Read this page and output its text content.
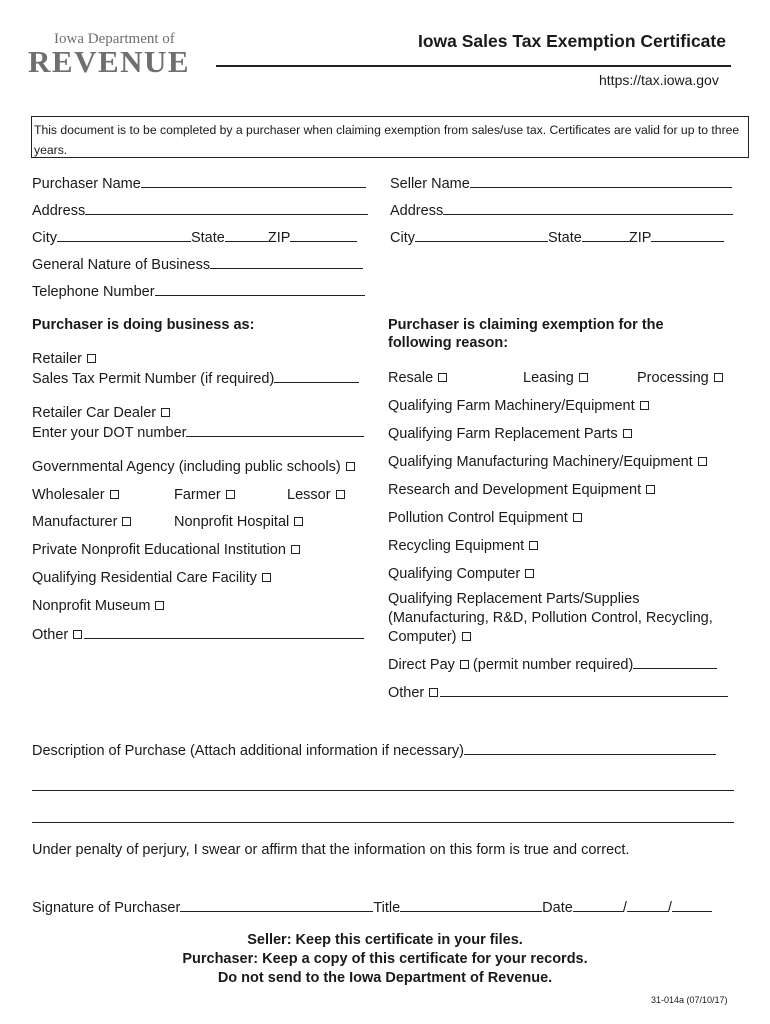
Iowa Department of
REVENUE
Iowa Sales Tax Exemption Certificate
https://tax.iowa.gov
This document is to be completed by a purchaser when claiming exemption from sales/use tax. Certificates are valid for up to three years.
Purchaser Name
Address
City	State	ZIP
General Nature of Business
Telephone Number
Seller Name
Address
City	State	ZIP
Purchaser is doing business as:
Retailer
Sales Tax Permit Number (if required)
Retailer Car Dealer
Enter your DOT number
Governmental Agency (including public schools)
Wholesaler	Farmer	Lessor
Manufacturer	Nonprofit Hospital
Private Nonprofit Educational Institution
Qualifying Residential Care Facility
Nonprofit Museum
Other
Purchaser is claiming exemption for the
following reason:
Resale	Leasing	Processing
Qualifying Farm Machinery/Equipment
Qualifying Farm Replacement Parts
Qualifying Manufacturing Machinery/Equipment
Research and Development Equipment
Pollution Control Equipment
Recycling Equipment
Qualifying Computer
Qualifying Replacement Parts/Supplies
(Manufacturing, R&D, Pollution Control, Recycling,
Computer)
Direct Pay (permit number required)
Other
Description of Purchase (Attach additional information if necessary)
Under penalty of perjury, I swear or affirm that the information on this form is true and correct.
Signature of Purchaser	Title	Date	/	/
Seller: Keep this certificate in your files.
Purchaser: Keep a copy of this certificate for your records.
Do not send to the Iowa Department of Revenue.
31-014a (07/10/17)
